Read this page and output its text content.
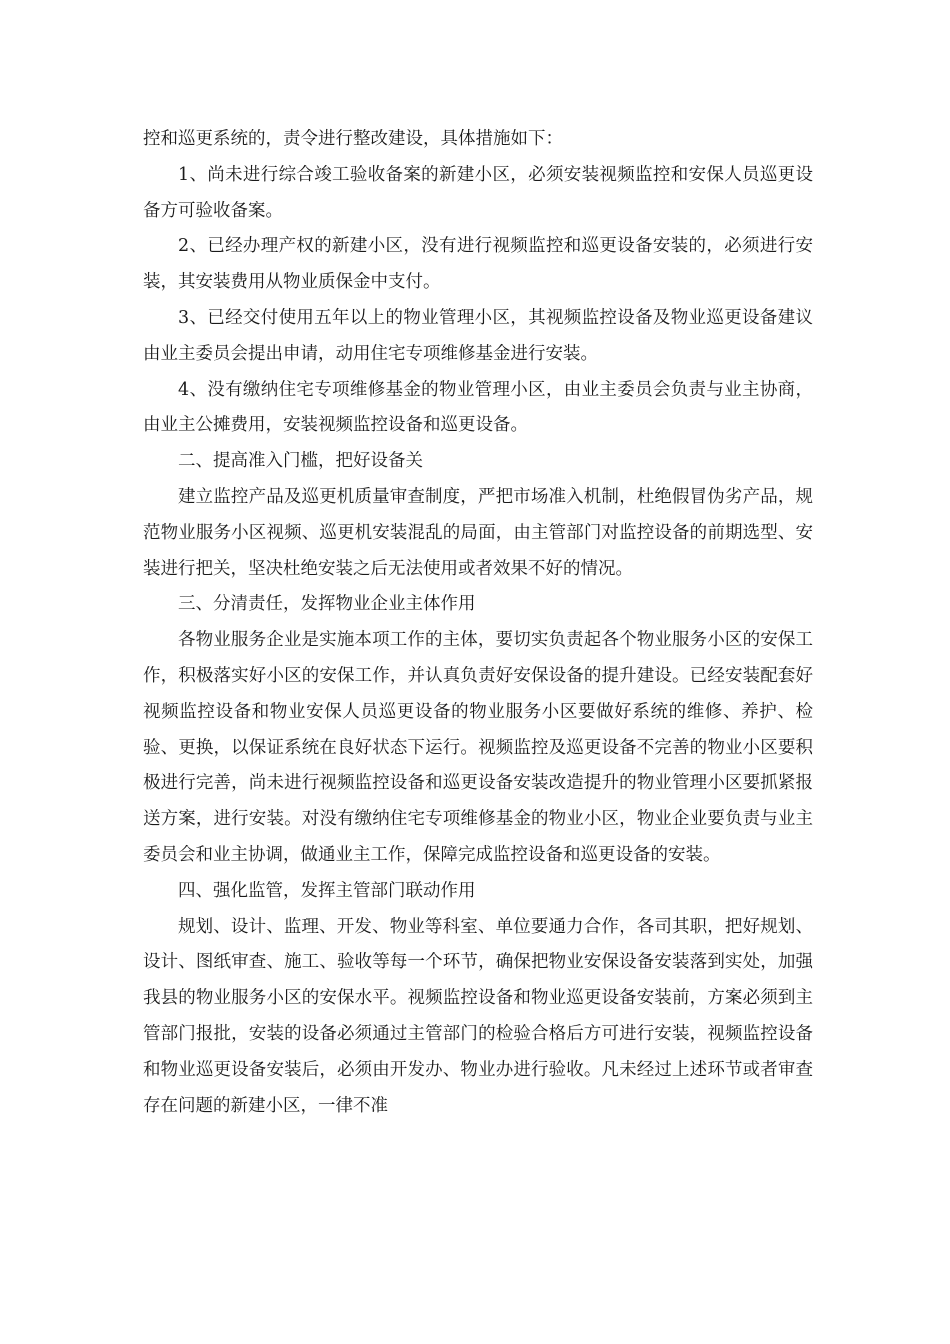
控和巡更系统的，责令进行整改建设，具体措施如下：

1、尚未进行综合竣工验收备案的新建小区，必须安装视频监控和安保人员巡更设备方可验收备案。

2、已经办理产权的新建小区，没有进行视频监控和巡更设备安装的，必须进行安装，其安装费用从物业质保金中支付。

3、已经交付使用五年以上的物业管理小区，其视频监控设备及物业巡更设备建议由业主委员会提出申请，动用住宅专项维修基金进行安装。

4、没有缴纳住宅专项维修基金的物业管理小区，由业主委员会负责与业主协商，由业主公摊费用，安装视频监控设备和巡更设备。

二、提高准入门槛，把好设备关

建立监控产品及巡更机质量审查制度，严把市场准入机制，杜绝假冒伪劣产品，规范物业服务小区视频、巡更机安装混乱的局面，由主管部门对监控设备的前期选型、安装进行把关，坚决杜绝安装之后无法使用或者效果不好的情况。

三、分清责任，发挥物业企业主体作用

各物业服务企业是实施本项工作的主体，要切实负责起各个物业服务小区的安保工作，积极落实好小区的安保工作，并认真负责好安保设备的提升建设。已经安装配套好视频监控设备和物业安保人员巡更设备的物业服务小区要做好系统的维修、养护、检验、更换，以保证系统在良好状态下运行。视频监控及巡更设备不完善的物业小区要积极进行完善，尚未进行视频监控设备和巡更设备安装改造提升的物业管理小区要抓紧报送方案，进行安装。对没有缴纳住宅专项维修基金的物业小区，物业企业要负责与业主委员会和业主协调，做通业主工作，保障完成监控设备和巡更设备的安装。

四、强化监管，发挥主管部门联动作用

规划、设计、监理、开发、物业等科室、单位要通力合作，各司其职，把好规划、设计、图纸审查、施工、验收等每一个环节，确保把物业安保设备安装落到实处，加强我县的物业服务小区的安保水平。视频监控设备和物业巡更设备安装前，方案必须到主管部门报批，安装的设备必须通过主管部门的检验合格后方可进行安装，视频监控设备和物业巡更设备安装后，必须由开发办、物业办进行验收。凡未经过上述环节或者审查存在问题的新建小区，一律不准
